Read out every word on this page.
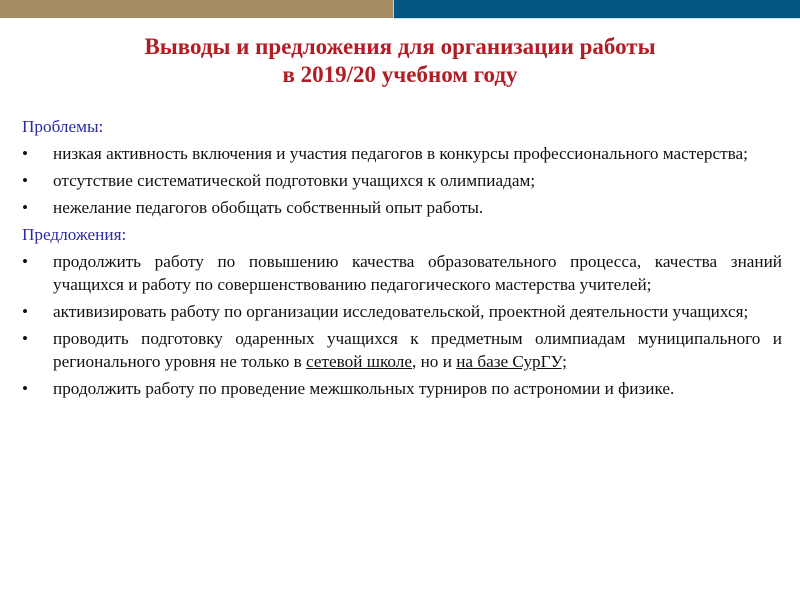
Выводы и предложения для организации работы
в 2019/20 учебном году
Проблемы:
•	низкая активность включения и участия педагогов в конкурсы профессионального мастерства;
•	отсутствие систематической подготовки учащихся к олимпиадам;
•	нежелание педагогов обобщать собственный опыт работы.
Предложения:
•	продолжить работу по повышению качества образовательного процесса, качества знаний учащихся и работу по совершенствованию педагогического мастерства учителей;
•	активизировать работу по организации исследовательской, проектной деятельности учащихся;
•	проводить подготовку одаренных учащихся к предметным олимпиадам муниципального и регионального уровня не только в сетевой школе, но и на базе СурГУ;
•	продолжить работу по проведение межшкольных турниров по астрономии и физике.
